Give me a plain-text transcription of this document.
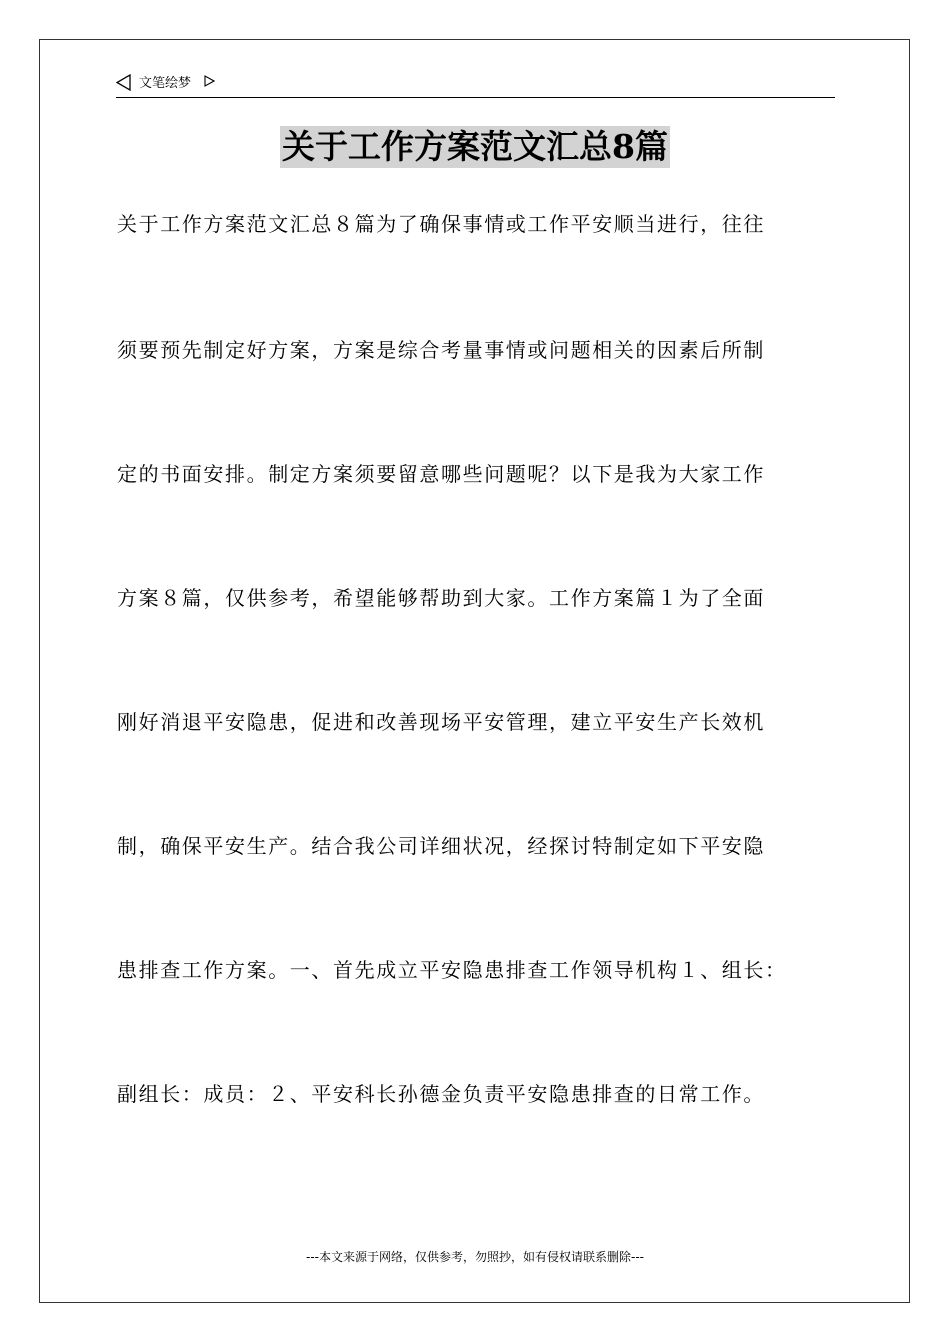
文笔绘梦
关于工作方案范文汇总8篇
关于工作方案范文汇总８篇为了确保事情或工作平安顺当进行，往往
须要预先制定好方案，方案是综合考量事情或问题相关的因素后所制
定的书面安排。制定方案须要留意哪些问题呢？以下是我为大家工作
方案８篇，仅供参考，希望能够帮助到大家。工作方案篇１为了全面
刚好消退平安隐患，促进和改善现场平安管理，建立平安生产长效机
制，确保平安生产。结合我公司详细状况，经探讨特制定如下平安隐
患排查工作方案。一、首先成立平安隐患排查工作领导机构１、组长：
副组长：成员：２、平安科长孙德金负责平安隐患排查的日常工作。
---本文来源于网络，仅供参考，勿照抄，如有侵权请联系删除---
